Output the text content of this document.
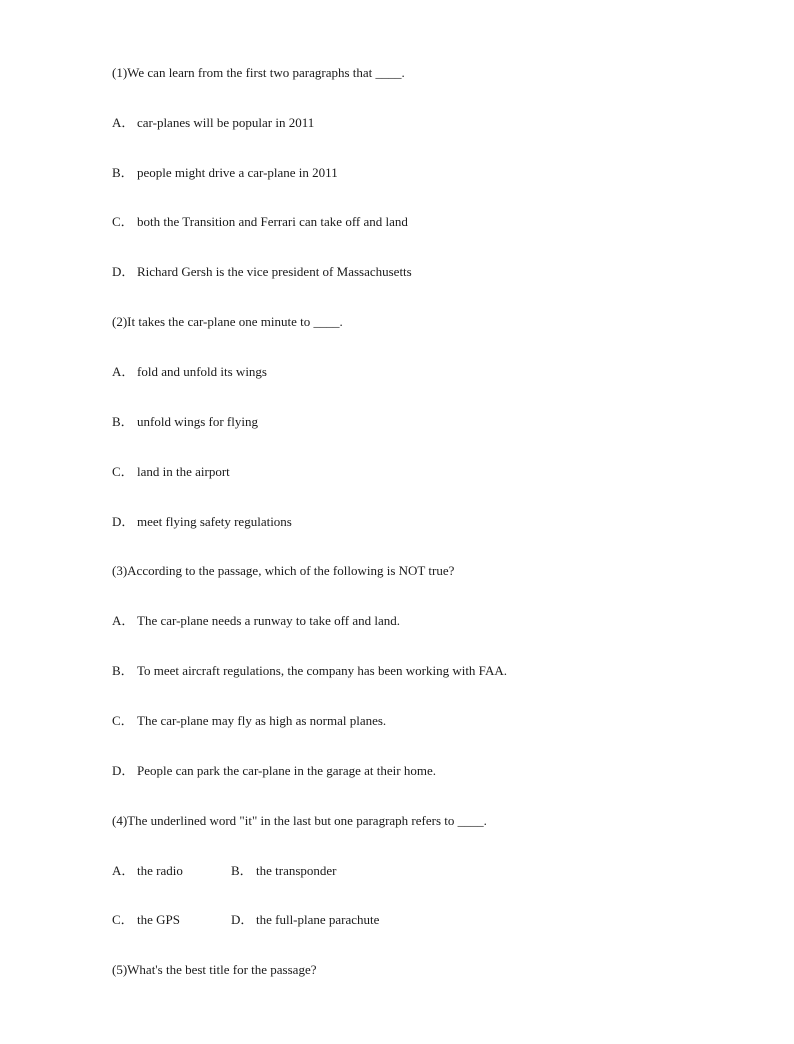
(1)We can learn from the first two paragraphs that ____.
A． car-planes will be popular in 2011
B． people might drive a car-plane in 2011
C． both the Transition and Ferrari can take off and land
D． Richard Gersh is the vice president of Massachusetts
(2)It takes the car-plane one minute to ____.
A． fold and unfold its wings
B． unfold wings for flying
C． land in the airport
D． meet flying safety regulations
(3)According to the passage, which of the following is NOT true?
A． The car-plane needs a runway to take off and land.
B． To meet aircraft regulations, the company has been working with FAA.
C． The car-plane may fly as high as normal planes.
D． People can park the car-plane in the garage at their home.
(4)The underlined word "it" in the last but one paragraph refers to ____.
A． the radio	B． the transponder
C． the GPS	D． the full-plane parachute
(5)What's the best title for the passage?
